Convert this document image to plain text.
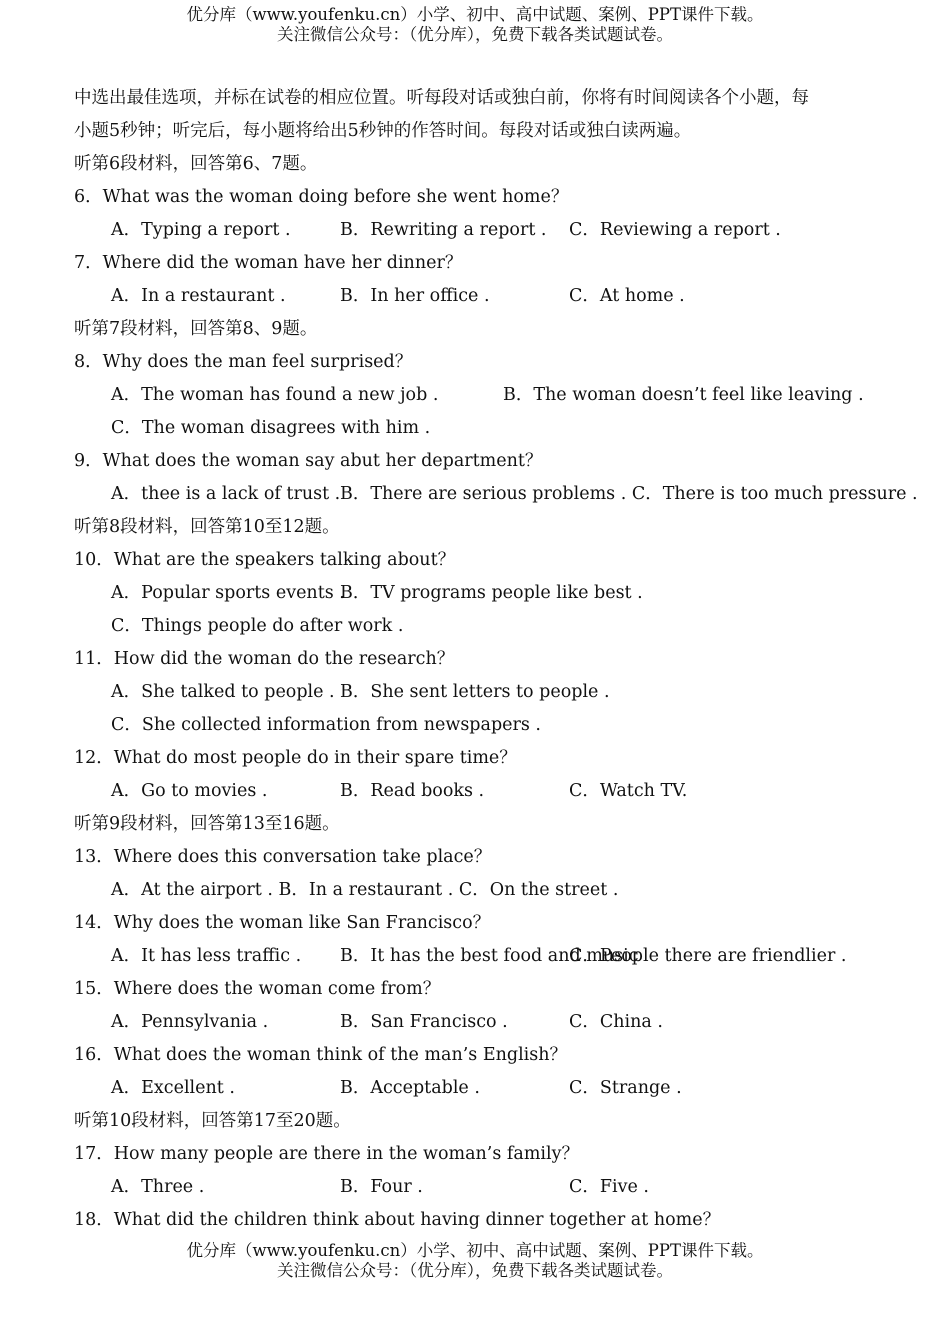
优分库（www.youfenku.cn）小学、初中、高中试题、案例、PPT课件下载。
关注微信公众号：（优分库），免费下载各类试题试卷。
中选出最佳选项，并标在试卷的相应位置。听每段对话或独白前，你将有时间阅读各个小题，每
小题5秒钟；听完后，每小题将给出5秒钟的作答时间。每段对话或独白读两遍。
听第6段材料，回答第6、7题。
6．What was the woman doing before she went home？
A．Typing a report .	B．Rewriting a report . C．Reviewing a report .
7．Where did the woman have her dinner？
A．In a restaurant .	B．In her office .	C．At home .
听第7段材料，回答第8、9题。
8．Why does the man feel surprised？
A．The woman has found a new job .	B．The woman doesn’t feel like leaving .
C．The woman disagrees with him .
9．What does the woman say abut her department？
A．thee is a lack of trust . B．There are serious problems . C．There is too much pressure .
听第8段材料，回答第10至12题。
10．What are the speakers talking about？
A．Popular sports events .
B．TV programs people like best .
C．Things people do after work .
11．How did the woman do the research？
A．She talked to people . B．She sent letters to people .
C．She collected information from newspapers .
12．What do most people do in their spare time？
A．Go to movies .	B．Read books .	C．Watch TV.
听第9段材料，回答第13至16题。
13．Where does this conversation take place？
A．At the airport . B．In a restaurant . C．On the street .
14．Why does the woman like San Francisco？
A．It has less traffic . B．It has the best food and music
C．People there are friendlier .
15．Where does the woman come from？
A．Pennsylvania .	B．San Francisco .	C．China .
16．What does the woman think of the man’s English？
A．Excellent .	B．Acceptable .	C．Strange .
听第10段材料，回答第17至20题。
17．How many people are there in the woman’s family？
A．Three .	B．Four .	C．Five .
18．What did the children think about having dinner together at home？
优分库（www.youfenku.cn）小学、初中、高中试题、案例、PPT课件下载。
关注微信公众号：（优分库），免费下载各类试题试卷。
